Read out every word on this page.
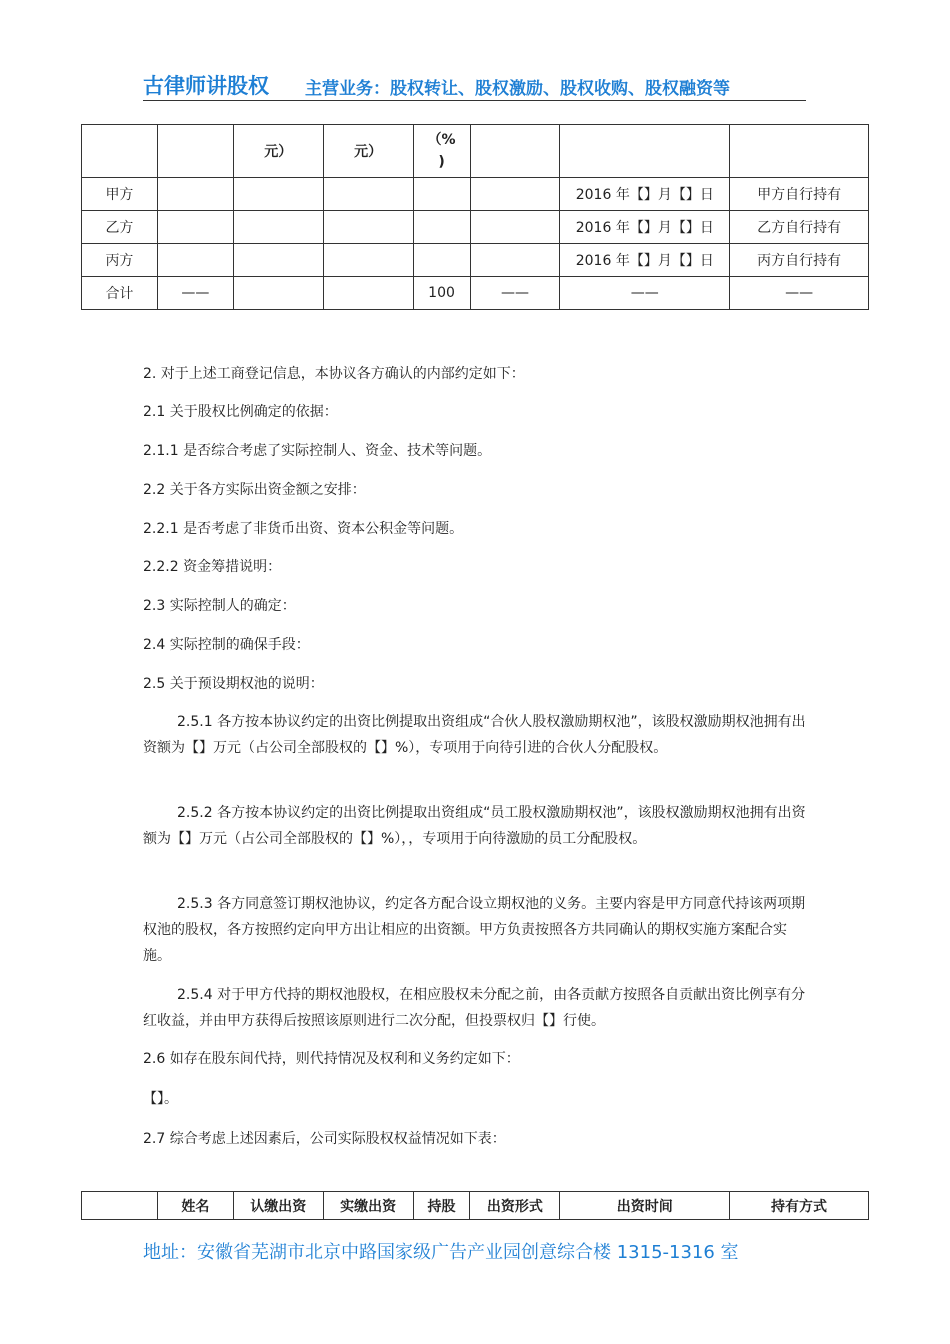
古律师讲股权 主营业务：股权转让、股权激励、股权收购、股权融资等
		元）	元）	（%
)			

甲方						2016 年【】月【】日	甲方自行持有
乙方						2016 年【】月【】日	乙方自行持有
丙方						2016 年【】月【】日	丙方自行持有
合计	——			100	——	——	——

2. 对于上述工商登记信息，本协议各方确认的内部约定如下：

2.1 关于股权比例确定的依据：

2.1.1 是否综合考虑了实际控制人、资金、技术等问题。

2.2 关于各方实际出资金额之安排：

2.2.1 是否考虑了非货币出资、资本公积金等问题。

2.2.2 资金筹措说明：

2.3 实际控制人的确定：

2.4 实际控制的确保手段：

2.5 关于预设期权池的说明：

2.5.1 各方按本协议约定的出资比例提取出资组成“合伙人股权激励期权池”，该股权激励期权池拥有出资额为【】万元（占公司全部股权的【】%），专项用于向待引进的合伙人分配股权。

2.5.2 各方按本协议约定的出资比例提取出资组成“员工股权激励期权池”，该股权激励期权池拥有出资额为【】万元（占公司全部股权的【】%），，专项用于向待激励的员工分配股权。

2.5.3 各方同意签订期权池协议，约定各方配合设立期权池的义务。主要内容是甲方同意代持该两项期权池的股权，各方按照约定向甲方出让相应的出资额。甲方负责按照各方共同确认的期权实施方案配合实施。

2.5.4 对于甲方代持的期权池股权，在相应股权未分配之前，由各贡献方按照各自贡献出资比例享有分红收益，并由甲方获得后按照该原则进行二次分配，但投票权归【】行使。

2.6 如存在股东间代持，则代持情况及权利和义务约定如下：

【】。

2.7 综合考虑上述因素后，公司实际股权权益情况如下表：

	姓名	认缴出资	实缴出资	持股	出资形式	出资时间	持有方式
地址：安徽省芜湖市北京中路国家级广告产业园创意综合楼 1315-1316 室
